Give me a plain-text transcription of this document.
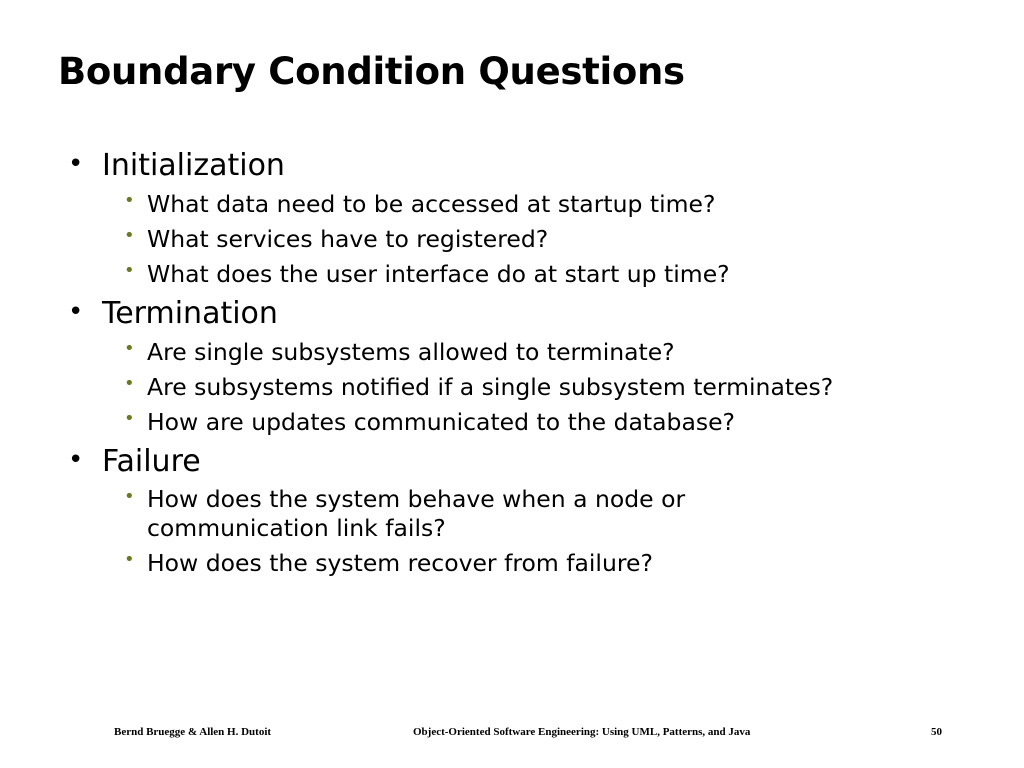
Boundary Condition Questions
• Initialization
• What data need to be accessed at startup time?
• What services have to registered?
• What does the user interface do at start up time?
• Termination
• Are single subsystems allowed to terminate?
• Are subsystems notified if a single subsystem terminates?
• How are updates communicated to the database?
• Failure
• How does the system behave when a node or communication link fails?
• How does the system recover from failure?
Bernd Bruegge & Allen H. Dutoit	Object-Oriented Software Engineering: Using UML, Patterns, and Java	50
